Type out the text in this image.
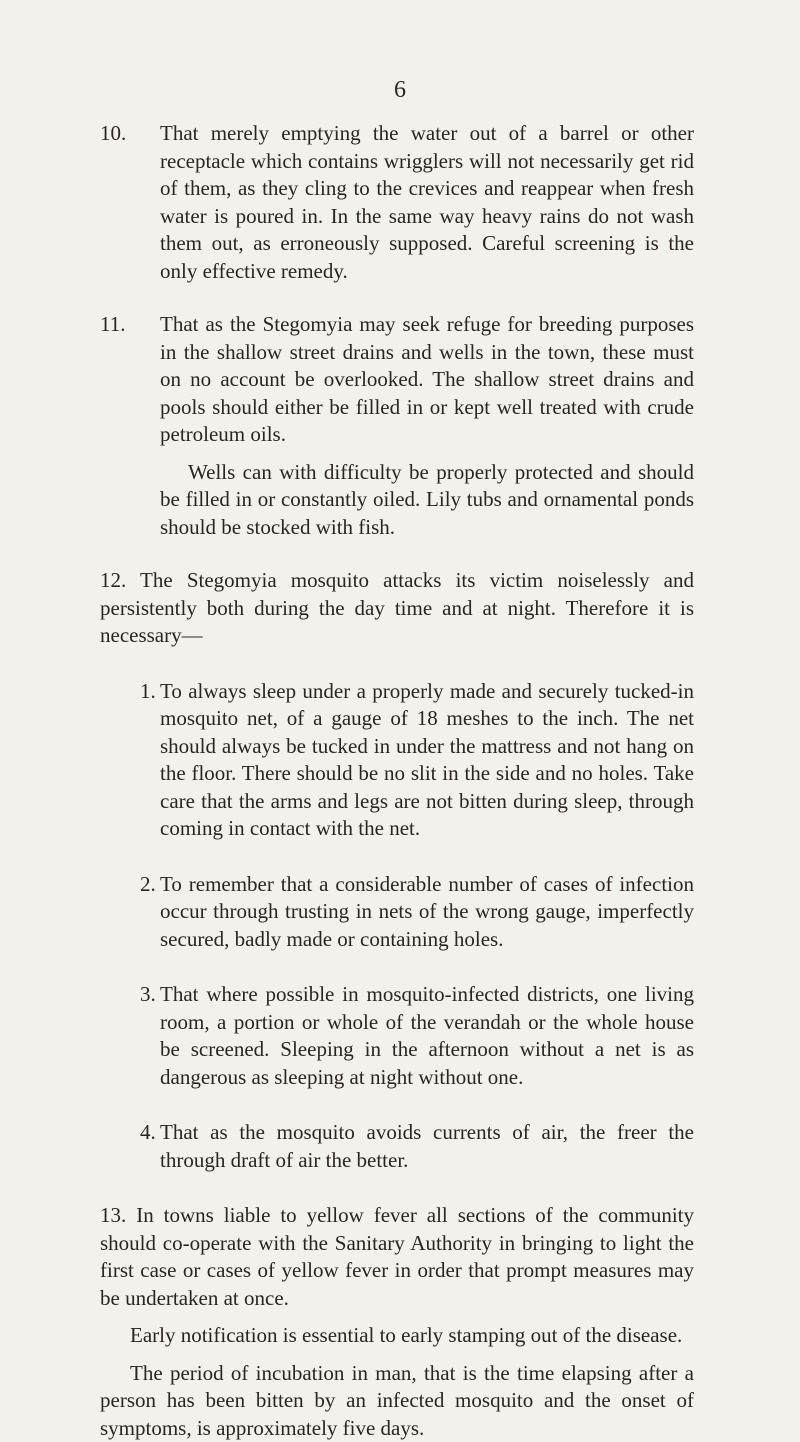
6
10. That merely emptying the water out of a barrel or other receptacle which contains wrigglers will not necessarily get rid of them, as they cling to the crevices and reappear when fresh water is poured in. In the same way heavy rains do not wash them out, as erroneously supposed. Careful screening is the only effective remedy.

11. That as the Stegomyia may seek refuge for breeding purposes in the shallow street drains and wells in the town, these must on no account be overlooked. The shallow street drains and pools should either be filled in or kept well treated with crude petroleum oils.

Wells can with difficulty be properly protected and should be filled in or constantly oiled. Lily tubs and ornamental ponds should be stocked with fish.

12. The Stegomyia mosquito attacks its victim noiselessly and persistently both during the day time and at night. Therefore it is necessary—

1. To always sleep under a properly made and securely tucked-in mosquito net, of a gauge of 18 meshes to the inch. The net should always be tucked in under the mattress and not hang on the floor. There should be no slit in the side and no holes. Take care that the arms and legs are not bitten during sleep, through coming in contact with the net.

2. To remember that a considerable number of cases of infection occur through trusting in nets of the wrong gauge, imperfectly secured, badly made or containing holes.

3. That where possible in mosquito-infected districts, one living room, a portion or whole of the verandah or the whole house be screened. Sleeping in the afternoon without a net is as dangerous as sleeping at night without one.

4. That as the mosquito avoids currents of air, the freer the through draft of air the better.

13. In towns liable to yellow fever all sections of the community should co-operate with the Sanitary Authority in bringing to light the first case or cases of yellow fever in order that prompt measures may be undertaken at once.

Early notification is essential to early stamping out of the disease.

The period of incubation in man, that is the time elapsing after a person has been bitten by an infected mosquito and the onset of symptoms, is approximately five days.
